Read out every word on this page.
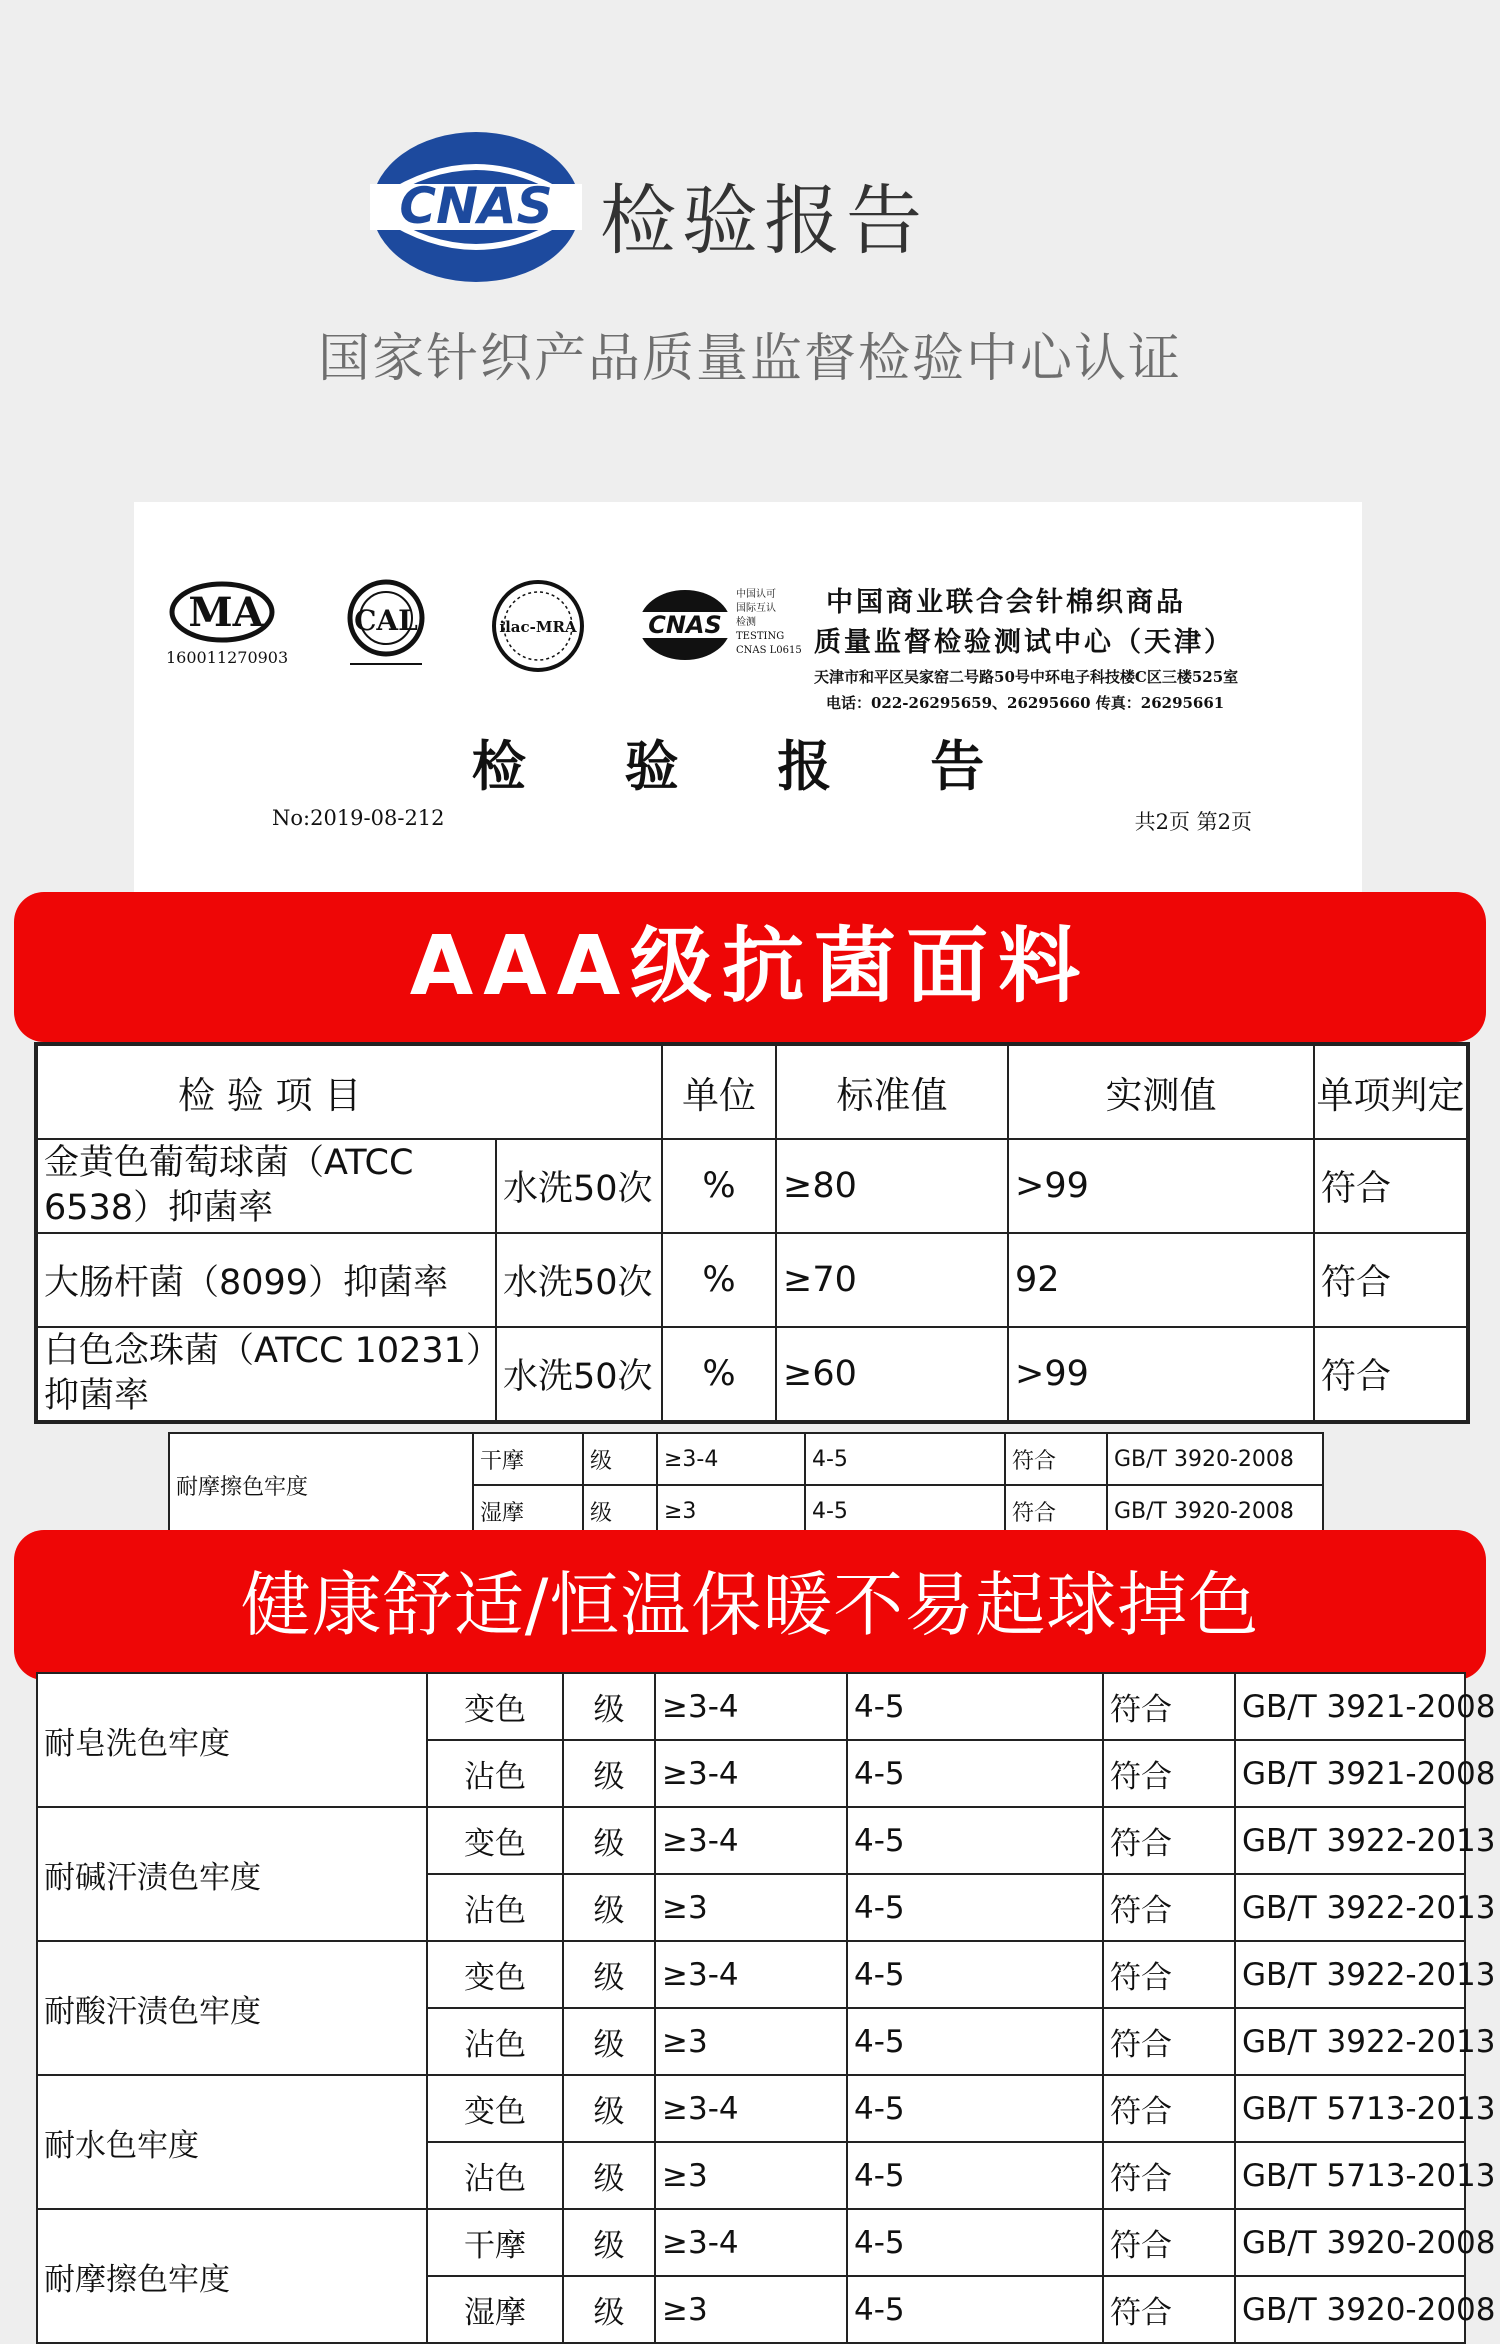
CNAS 检验报告
国家针织产品质量监督检验中心认证
MA
160011270903
CAL	ilac-MRA	CNAS
中国认可
国际互认
检测
TESTING
CNAS L0615
中国商业联合会针棉织商品
质量监督检验测试中心（天津）
天津市和平区吴家窑二号路50号中环电子科技楼C区三楼525室
电话：022-26295659、26295660 传真：26295661
检 验 报 告
No:2019-08-212	共2页 第2页
AAA级抗菌面料
检 验 项 目		单位	标准值	实测值	单项判定
金黄色葡萄球菌（ATCC 6538）抑菌率	水洗50次	%	≥80	>99	符合
大肠杆菌（8099）抑菌率	水洗50次	%	≥70	92	符合
白色念珠菌（ATCC 10231）抑菌率	水洗50次	%	≥60	>99	符合
耐摩擦色牢度	干摩	级	≥3-4	4-5	符合	GB/T 3920-2008
	湿摩	级	≥3	4-5	符合	GB/T 3920-2008
健康舒适/恒温保暖不易起球掉色
耐皂洗色牢度	变色	级	≥3-4	4-5	符合	GB/T 3921-2008
	沾色	级	≥3-4	4-5	符合	GB/T 3921-2008
耐碱汗渍色牢度	变色	级	≥3-4	4-5	符合	GB/T 3922-2013
	沾色	级	≥3	4-5	符合	GB/T 3922-2013
耐酸汗渍色牢度	变色	级	≥3-4	4-5	符合	GB/T 3922-2013
	沾色	级	≥3	4-5	符合	GB/T 3922-2013
耐水色牢度	变色	级	≥3-4	4-5	符合	GB/T 5713-2013
	沾色	级	≥3	4-5	符合	GB/T 5713-2013
耐摩擦色牢度	干摩	级	≥3-4	4-5	符合	GB/T 3920-2008
	湿摩	级	≥3	4-5	符合	GB/T 3920-2008
